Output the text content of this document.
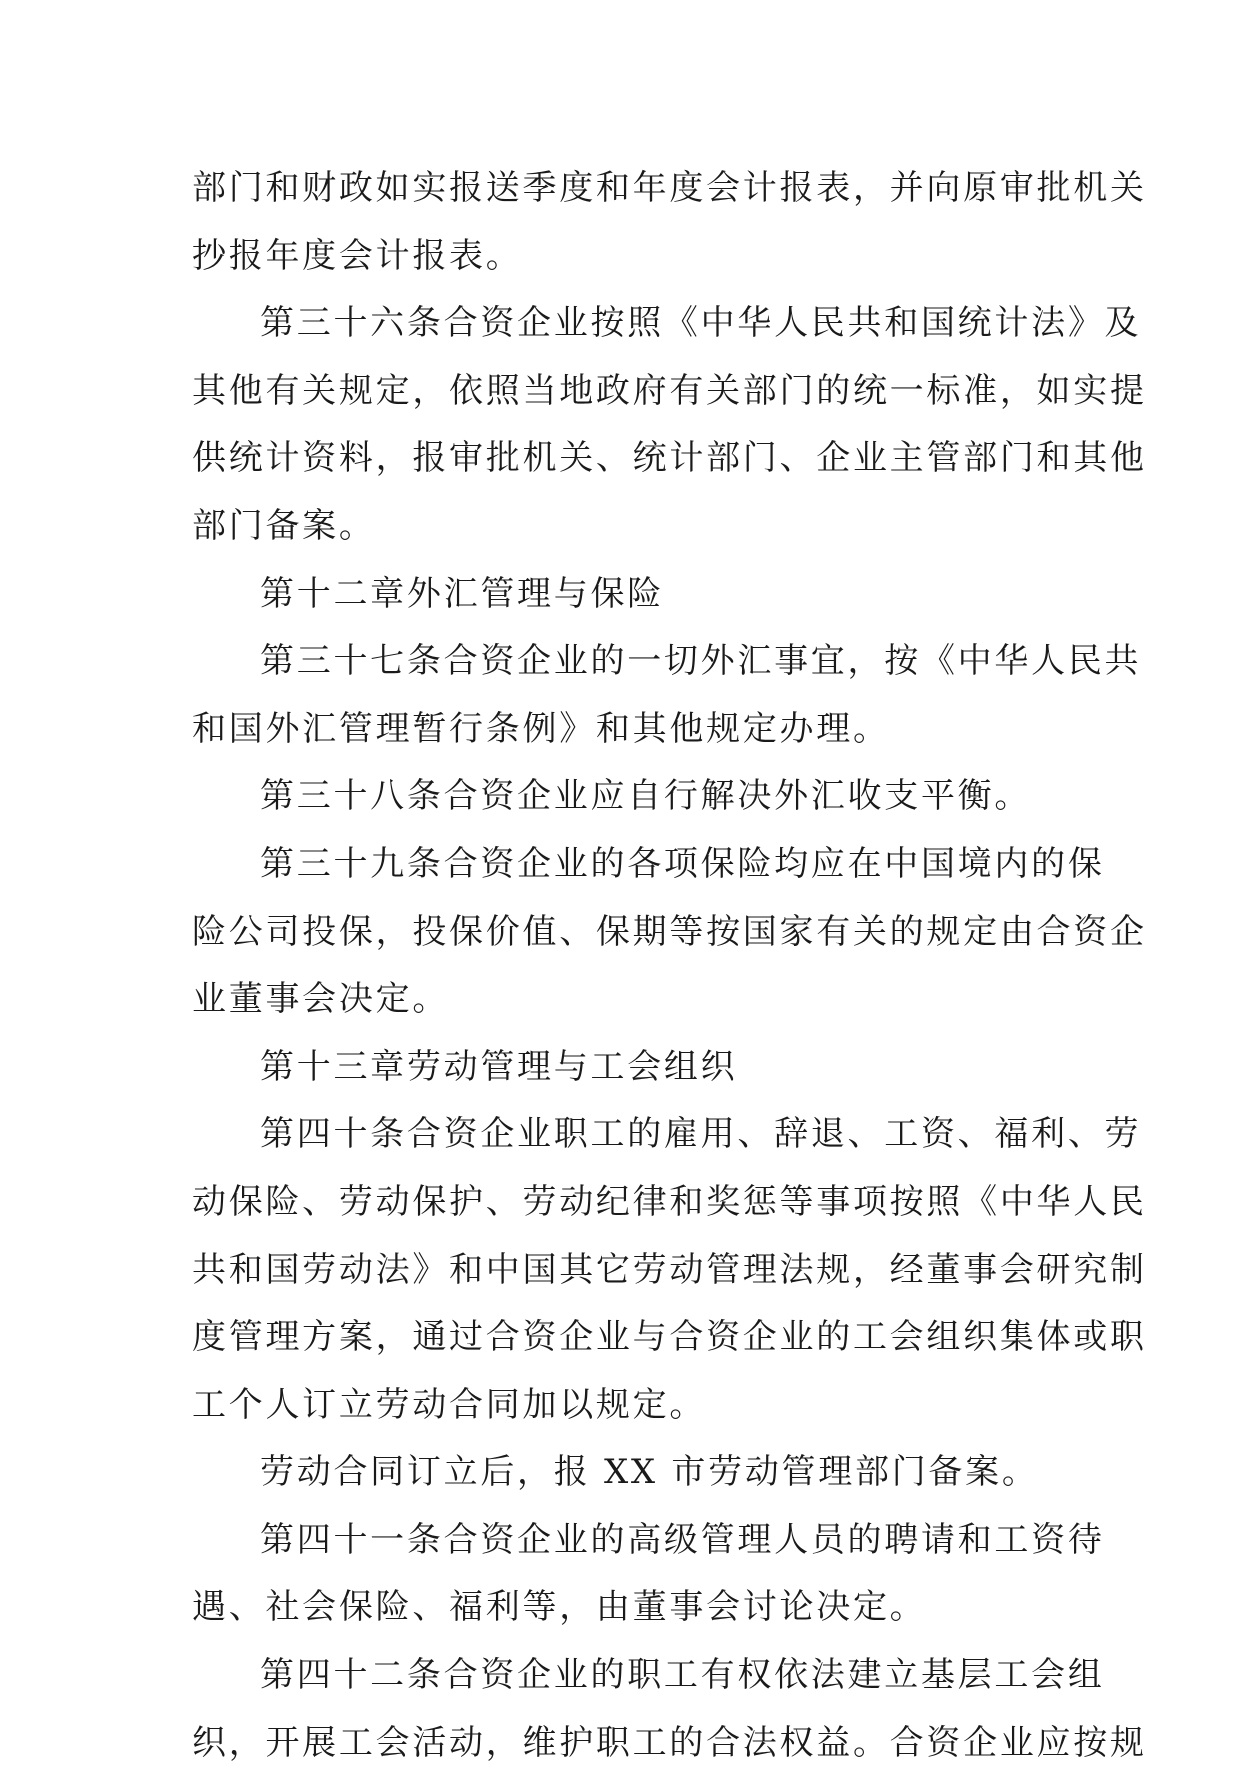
部门和财政如实报送季度和年度会计报表，并向原审批机关
抄报年度会计报表。

第三十六条合资企业按照《中华人民共和国统计法》及
其他有关规定，依照当地政府有关部门的统一标准，如实提
供统计资料，报审批机关、统计部门、企业主管部门和其他
部门备案。

第十二章外汇管理与保险

第三十七条合资企业的一切外汇事宜，按《中华人民共
和国外汇管理暂行条例》和其他规定办理。

第三十八条合资企业应自行解决外汇收支平衡。

第三十九条合资企业的各项保险均应在中国境内的保
险公司投保，投保价值、保期等按国家有关的规定由合资企
业董事会决定。

第十三章劳动管理与工会组织

第四十条合资企业职工的雇用、辞退、工资、福利、劳
动保险、劳动保护、劳动纪律和奖惩等事项按照《中华人民
共和国劳动法》和中国其它劳动管理法规，经董事会研究制
度管理方案，通过合资企业与合资企业的工会组织集体或职
工个人订立劳动合同加以规定。

劳动合同订立后，报 XX 市劳动管理部门备案。

第四十一条合资企业的高级管理人员的聘请和工资待
遇、社会保险、福利等，由董事会讨论决定。

第四十二条合资企业的职工有权依法建立基层工会组
织，开展工会活动，维护职工的合法权益。合资企业应按规
